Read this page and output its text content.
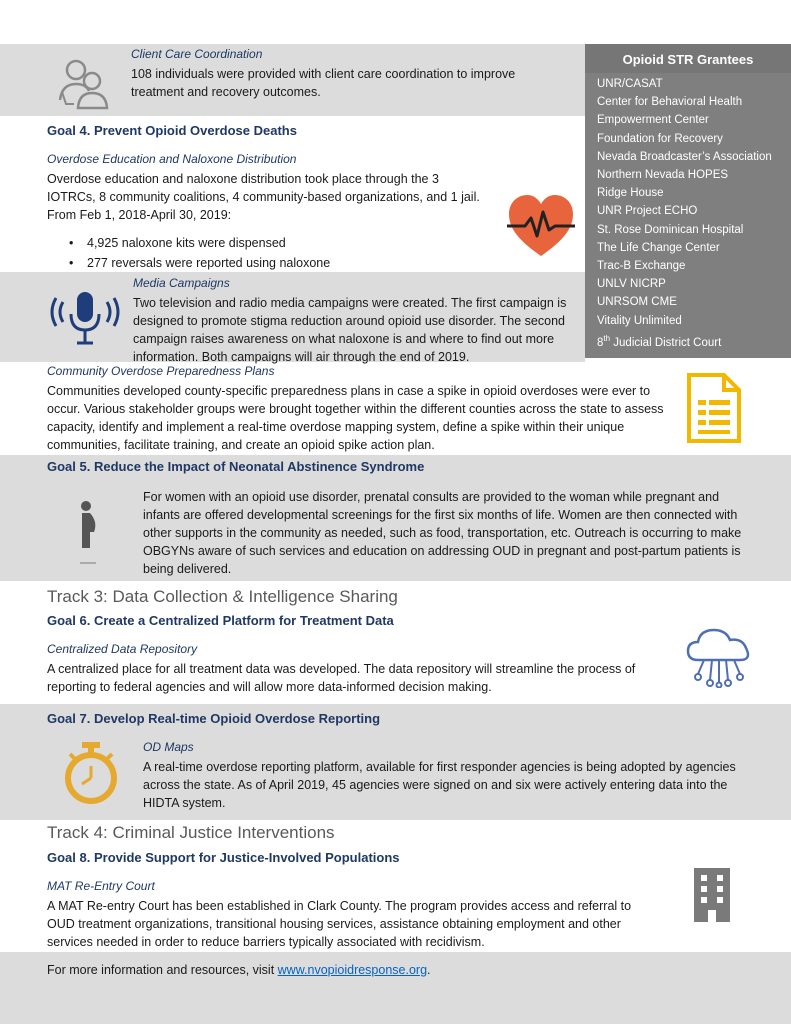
Client Care Coordination

108 individuals were provided with client care coordination to improve treatment and recovery outcomes.

Opioid STR Grantees
UNR/CASAT
Center for Behavioral Health
Empowerment Center
Foundation for Recovery
Nevada Broadcaster’s Association
Northern Nevada HOPES
Ridge House
UNR Project ECHO
St. Rose Dominican Hospital
The Life Change Center
Trac-B Exchange
UNLV NICRP
UNRSOM CME
Vitality Unlimited
8th Judicial District Court
Goal 4. Prevent Opioid Overdose Deaths
Overdose Education and Naloxone Distribution

Overdose education and naloxone distribution took place through the 3 IOTRCs, 8 community coalitions, 4 community-based organizations, and 1 jail. From Feb 1, 2018-April 30, 2019:

• 4,925 naloxone kits were dispensed
• 277 reversals were reported using naloxone
Media Campaigns

Two television and radio media campaigns were created. The first campaign is designed to promote stigma reduction around opioid use disorder. The second campaign raises awareness on what naloxone is and where to find out more information. Both campaigns will air through the end of 2019.

Community Overdose Preparedness Plans

Communities developed county-specific preparedness plans in case a spike in opioid overdoses were ever to occur. Various stakeholder groups were brought together within the different counties across the state to assess capacity, identify and implement a real-time overdose mapping system, define a spike within their unique communities, facilitate training, and create an opioid spike action plan.

Goal 5. Reduce the Impact of Neonatal Abstinence Syndrome

For women with an opioid use disorder, prenatal consults are provided to the woman while pregnant and infants are offered developmental screenings for the first six months of life. Women are then connected with other supports in the community as needed, such as food, transportation, etc. Outreach is occurring to make OBGYNs aware of such services and education on addressing OUD in pregnant and post-partum patients is being delivered.

Track 3: Data Collection & Intelligence Sharing
Goal 6. Create a Centralized Platform for Treatment Data
Centralized Data Repository

A centralized place for all treatment data was developed. The data repository will streamline the process of reporting to federal agencies and will allow more data-informed decision making.

Goal 7. Develop Real-time Opioid Overdose Reporting
OD Maps

A real-time overdose reporting platform, available for first responder agencies is being adopted by agencies across the state. As of April 2019, 45 agencies were signed on and six were actively entering data into the HIDTA system.

Track 4: Criminal Justice Interventions
Goal 8. Provide Support for Justice-Involved Populations
MAT Re-Entry Court

A MAT Re-entry Court has been established in Clark County. The program provides access and referral to OUD treatment organizations, transitional housing services, assistance obtaining employment and other services needed in order to reduce barriers typically associated with recidivism.

For more information and resources, visit www.nvopioidresponse.org.
